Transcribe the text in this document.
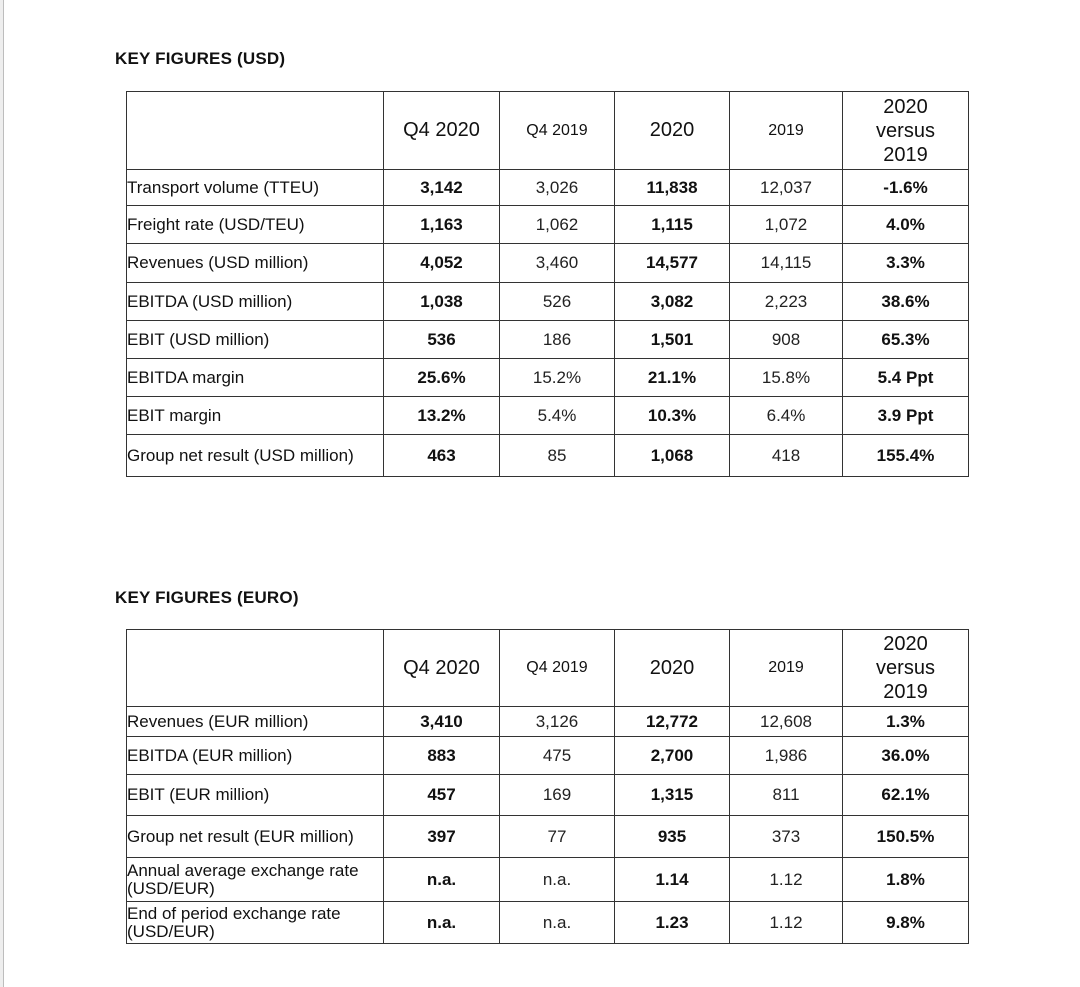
KEY FIGURES (USD)
	Q4 2020	Q4 2019	2020	2019	2020
versus
2019

Transport volume (TTEU)	3,142	3,026	11,838	12,037	-1.6%
Freight rate (USD/TEU)	1,163	1,062	1,115	1,072	4.0%
Revenues (USD million)	4,052	3,460	14,577	14,115	3.3%
EBITDA (USD million)	1,038	526	3,082	2,223	38.6%
EBIT (USD million)	536	186	1,501	908	65.3%
EBITDA margin	25.6%	15.2%	21.1%	15.8%	5.4 Ppt
EBIT margin	13.2%	5.4%	10.3%	6.4%	3.9 Ppt
Group net result (USD million)	463	85	1,068	418	155.4%
KEY FIGURES (EURO)
	Q4 2020	Q4 2019	2020	2019	2020
versus
2019

Revenues (EUR million)	3,410	3,126	12,772	12,608	1.3%
EBITDA (EUR million)	883	475	2,700	1,986	36.0%
EBIT (EUR million)	457	169	1,315	811	62.1%
Group net result (EUR million)	397	77	935	373	150.5%
Annual average exchange rate (USD/EUR)	n.a.	n.a.	1.14	1.12	1.8%
End of period exchange rate (USD/EUR)	n.a.	n.a.	1.23	1.12	9.8%
